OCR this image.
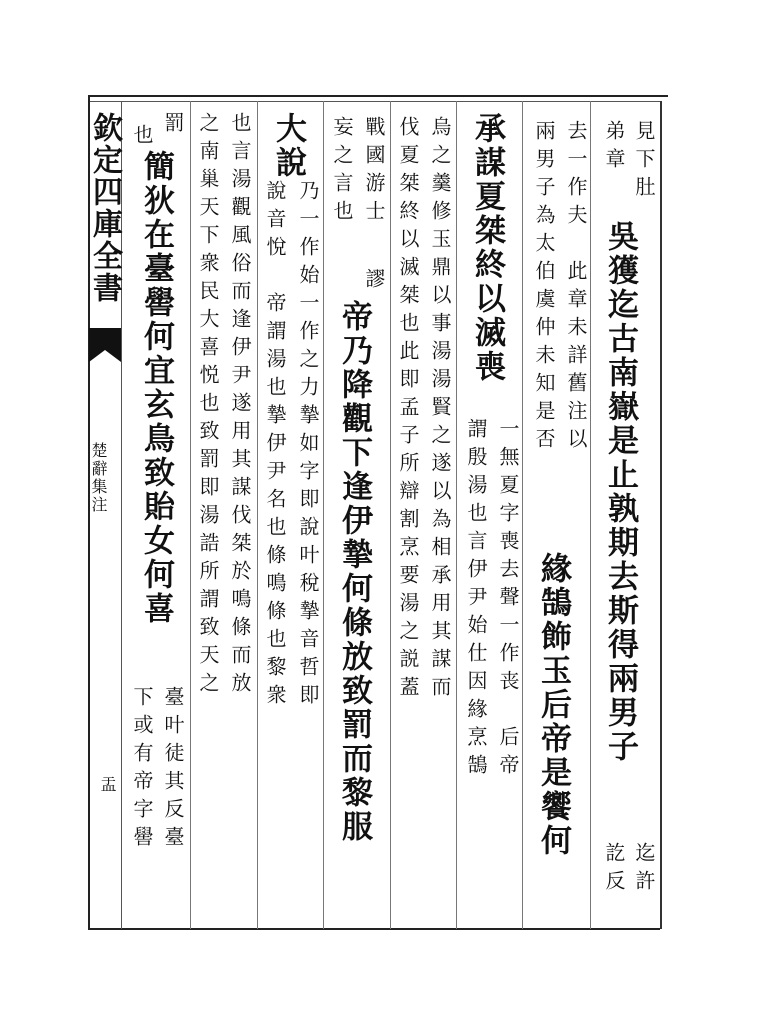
欽定四庫全書
楚辭集注
盂
見下肚
弟章
吳獲迄古南嶽是止孰期去斯得兩男子
迄許
訖反
去一作夫　此章未詳舊注以
兩男子為太伯虞仲未知是否
緣鵠飾玉后帝是饗何
承謀夏桀終以滅喪
一無夏字喪去聲一作丧　后帝
謂殷湯也言伊尹始仕因緣烹鵠
烏之羹修玉鼎以事湯湯賢之遂以為相承用其謀而
伐夏桀終以滅桀也此即孟子所辯割烹要湯之説蓋
戰國游士
妄之言也
謬
帝乃降觀下逢伊摯何條放致罰而黎服
大說
乃一作始一作之力摯如字即說叶稅摯音哲即
說音悅　帝謂湯也摯伊尹名也條鳴條也黎衆
也言湯觀風俗而逢伊尹遂用其謀伐桀於鳴條而放
之南巢天下衆民大喜悦也致罰即湯誥所謂致天之
罰
也
簡狄在臺嚳何宜玄鳥致貽女何喜
臺叶徒其反臺
下或有帝字嚳
